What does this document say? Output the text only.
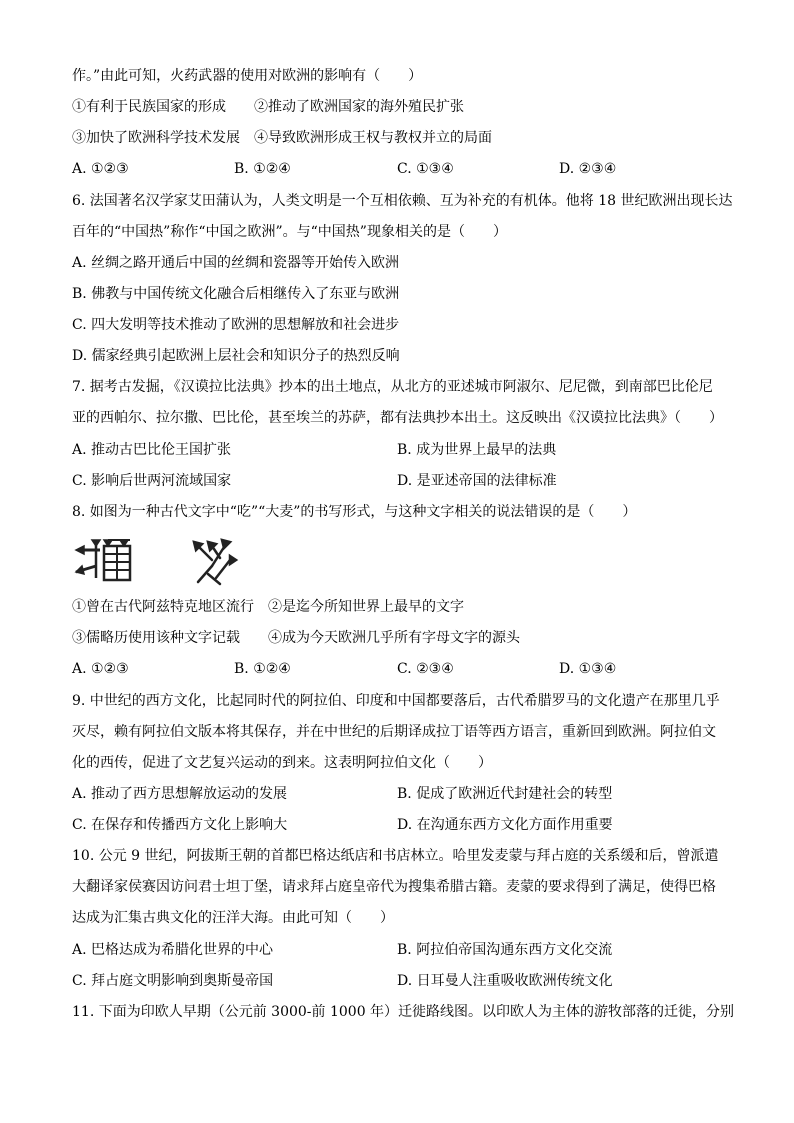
作。”由此可知，火药武器的使用对欧洲的影响有（　　）
①有利于民族国家的形成　　②推动了欧洲国家的海外殖民扩张
③加快了欧洲科学技术发展　④导致欧洲形成王权与教权并立的局面
A. ①②③	B. ①②④	C. ①③④	D. ②③④
6. 法国著名汉学家艾田蒲认为，人类文明是一个互相依赖、互为补充的有机体。他将 18 世纪欧洲出现长达
百年的“中国热”称作“中国之欧洲”。与“中国热”现象相关的是（　　）
A. 丝绸之路开通后中国的丝绸和瓷器等开始传入欧洲
B. 佛教与中国传统文化融合后相继传入了东亚与欧洲
C. 四大发明等技术推动了欧洲的思想解放和社会进步
D. 儒家经典引起欧洲上层社会和知识分子的热烈反响
7. 据考古发掘，《汉谟拉比法典》抄本的出土地点，从北方的亚述城市阿淑尔、尼尼微，到南部巴比伦尼
亚的西帕尔、拉尔撒、巴比伦，甚至埃兰的苏萨，都有法典抄本出土。这反映出《汉谟拉比法典》（　　）
A. 推动古巴比伦王国扩张	B. 成为世界上最早的法典
C. 影响后世两河流域国家	D. 是亚述帝国的法律标准
8. 如图为一种古代文字中“吃”“大麦”的书写形式，与这种文字相关的说法错误的是（　　）
①曾在古代阿兹特克地区流行　②是迄今所知世界上最早的文字
③儒略历使用该种文字记载　　④成为今天欧洲几乎所有字母文字的源头
A. ①②③	B. ①②④	C. ②③④	D. ①③④
9. 中世纪的西方文化，比起同时代的阿拉伯、印度和中国都要落后，古代希腊罗马的文化遗产在那里几乎
灭尽，赖有阿拉伯文版本将其保存，并在中世纪的后期译成拉丁语等西方语言，重新回到欧洲。阿拉伯文
化的西传，促进了文艺复兴运动的到来。这表明阿拉伯文化（　　）
A. 推动了西方思想解放运动的发展	B. 促成了欧洲近代封建社会的转型
C. 在保存和传播西方文化上影响大	D. 在沟通东西方文化方面作用重要
10. 公元 9 世纪，阿拔斯王朝的首都巴格达纸店和书店林立。哈里发麦蒙与拜占庭的关系缓和后，曾派遣
大翻译家侯赛因访问君士坦丁堡，请求拜占庭皇帝代为搜集希腊古籍。麦蒙的要求得到了满足，使得巴格
达成为汇集古典文化的汪洋大海。由此可知（　　）
A. 巴格达成为希腊化世界的中心	B. 阿拉伯帝国沟通东西方文化交流
C. 拜占庭文明影响到奥斯曼帝国	D. 日耳曼人注重吸收欧洲传统文化
11. 下面为印欧人早期（公元前 3000-前 1000 年）迁徙路线图。以印欧人为主体的游牧部落的迁徙，分别
